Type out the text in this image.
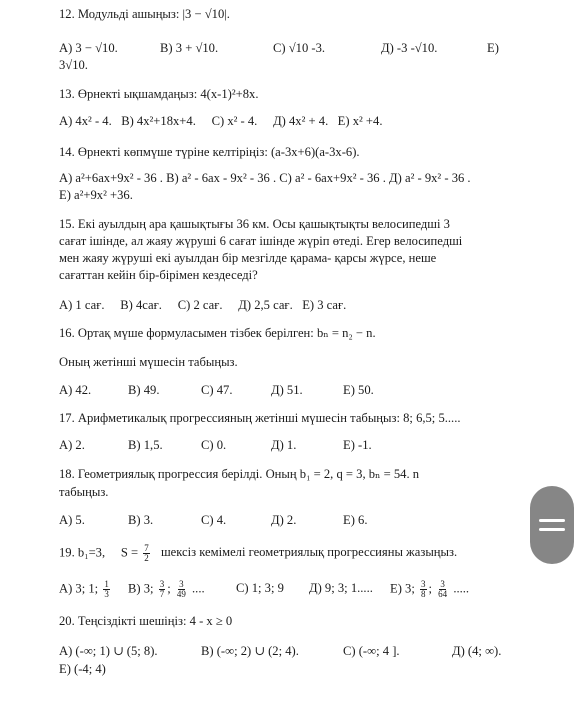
12. Модульді ашыңыз: |3 − √10|.
A) 3 − √10.	B) 3 + √10.	C) √10 -3.	Д) -3 -√10.	E)
3√10.
13. Өрнекті ықшамдаңыз: 4(x-1)²+8x.
A) 4x² - 4.   B) 4x²+18x+4.     C) x² - 4.     Д) 4x² + 4.   E) x² +4.
14. Өрнекті көпмүше түріне келтіріңіз: (a-3x+6)(a-3x-6).
A) a²+6ax+9x² - 36 . B) a² - 6ax - 9x² - 36 . C) a² - 6ax+9x² - 36 . Д) a² - 9x² - 36 .
E) a²+9x² +36.
15. Екі ауылдың ара қашықтығы 36 км. Осы қашықтықты велосипедші 3
сағат ішінде, ал жаяу жүруші 6 сағат ішінде жүріп өтеді. Егер велосипедші
мен жаяу жүруші екі ауылдан бір мезгілде қарама- қарсы жүрсе, неше
сағаттан кейін бір-бірімен кездеседі?
A) 1 сағ.     B) 4сағ.     C) 2 сағ.     Д) 2,5 сағ.   E) 3 сағ.
16. Ортақ мүше формуласымен тізбек берілген: bₙ = n₂ − n.
Оның жетінші мүшесін табыңыз.
A) 42.	B) 49.	C) 47.	Д) 51.	E) 50.
17. Арифметикалық прогрессияның жетінші мүшесін табыңыз: 8; 6,5; 5.....
A) 2.	B) 1,5.	C) 0.	Д) 1.	E) -1.
18. Геометриялық прогрессия берілді. Оның b₁ = 2, q = 3, bₙ = 54. n
табыңыз.
A) 5.	B) 3.	C) 4.	Д) 2.	E) 6.
19. b₁=3,     $S = \frac{7}{2}$ шексіз кемімелі геометриялық прогрессияны жазыңыз.
A) 3; 1; $\frac{1}{3} B$) 3; $\frac{3}{7}$ ; $\frac{3}{49}$ .... C) 1; 3; 9 Д) 9; 3; 1..... E) 3; $\frac{3}{8}$ ; $\frac{3}{64}$ .....
20. Теңсіздікті шешіңіз: 4 - x ≥ 0
A) (-∞; 1) ∪ (5; 8).	B) (-∞; 2) ∪ (2; 4).	C) (-∞; 4 ].	Д) (4; ∞).
E) (-4; 4)
